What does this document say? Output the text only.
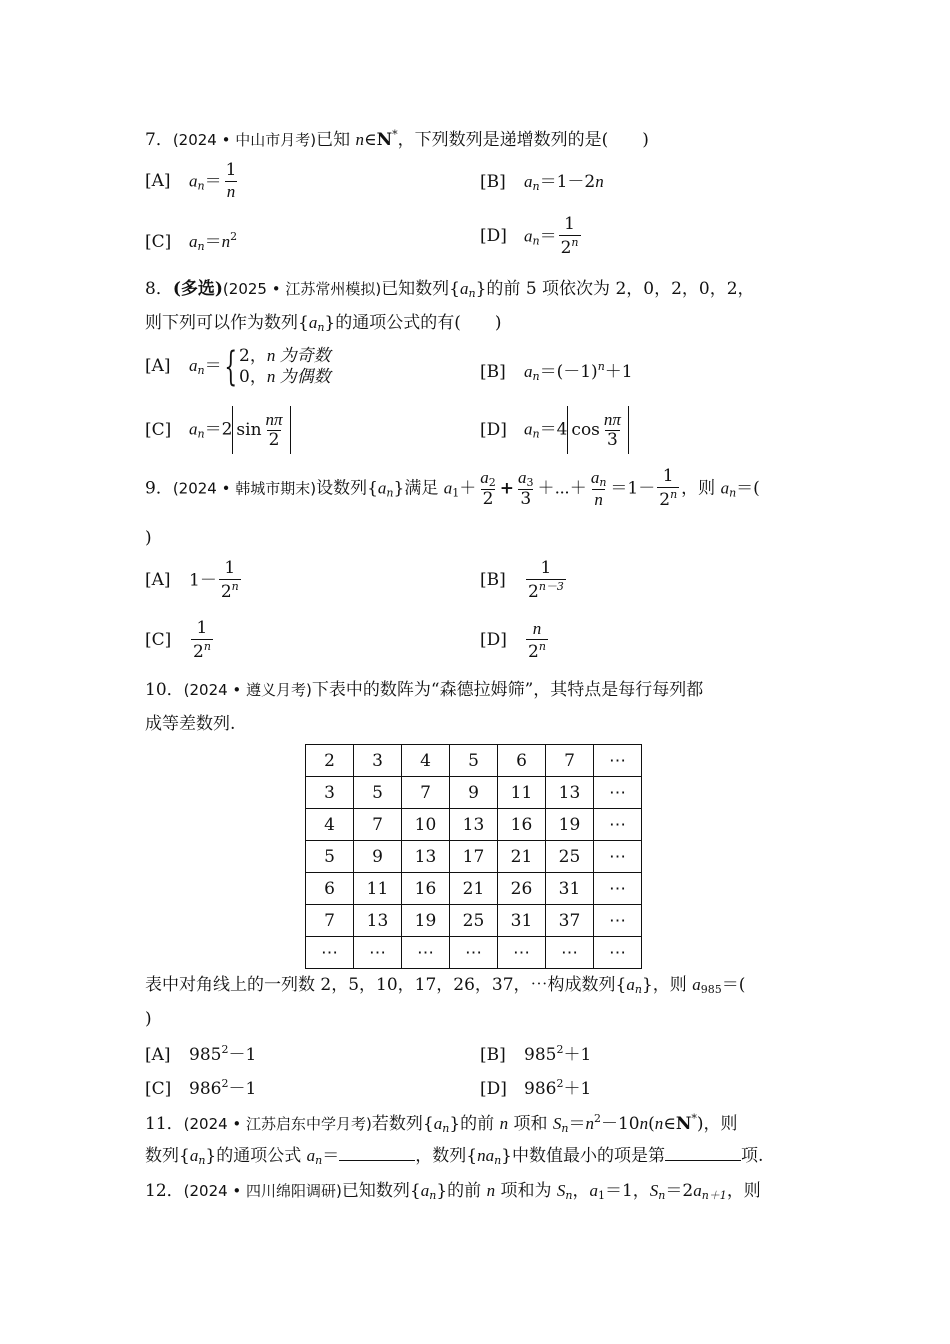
7．(2024 • 中山市月考)已知 n∈N*，下列数列是递增数列的是(　　)
[A] $a_n= \frac{1}{n}$	[B] $a_n=1-2n$
[C] $a_n=n^2$	[D] $a_n= \frac{1}{2^n}$
8．(多选)(2025 • 江苏常州模拟)已知数列$\{a_n\}$的前 5 项依次为 2，0，2，0，2，
则下列可以作为数列$\{a_n\}$的通项公式的有(　　)
[A] $a_n=${ 2，n 为奇数
0，n 为偶数	[B] $a_n=(-1)^n+1$
[C] $a_n=2$ $\sin \frac{n\pi}{2}$	[D] $a_n=4$ $\cos \frac{n\pi}{3}$
9．(2024 • 韩城市期末)设数列$\{a_n\}$满足 $a1+ \frac{a2}{2} + \frac{a3}{3}$ ＋⋯＋ $\frac{a_n}{n} =1- \frac{1}{2^n}$ ，则 $a_n=$(
)
[A] $1- \frac{1}{2^n}$	$[B] \frac{1}{2^{n-3}}$
$[C] \frac{1}{2^n}$	$[D] \frac{n}{2^n}$
10．(2024 • 遵义月考)下表中的数阵为“森德拉姆筛”，其特点是每行每列都
成等差数列.
2	3	4	5	6	7	⋯
3	5	7	9	11	13	⋯
4	7	10	13	16	19	⋯
5	9	13	17	21	25	⋯
6	11	16	21	26	31	⋯
7	13	19	25	31	37	⋯
⋯	⋯	⋯	⋯	⋯	⋯	⋯
表中对角线上的一列数 2，5，10，17，26，37，⋯构成数列$\{a_n\}$，则 a985＝(
)
[A] $985^2-1$	[B] $985^2+1$
[C] $986^2-1$	[D] $986^2+1$
11．(2024 • 江苏启东中学月考)若数列$\{a_n\}$的前 n 项和 $S_n=n^2-10n(n\in N^*)$，则
数列$\{a_n\}$的通项公式 $a_n=$	，数列$\{na_n\}$中数值最小的项是第	项.
12．(2024 • 四川绵阳调研)已知数列$\{a_n\}$的前 n 项和为 $S_n$，a1＝1，$S_n=2a_{n+1}$，则
